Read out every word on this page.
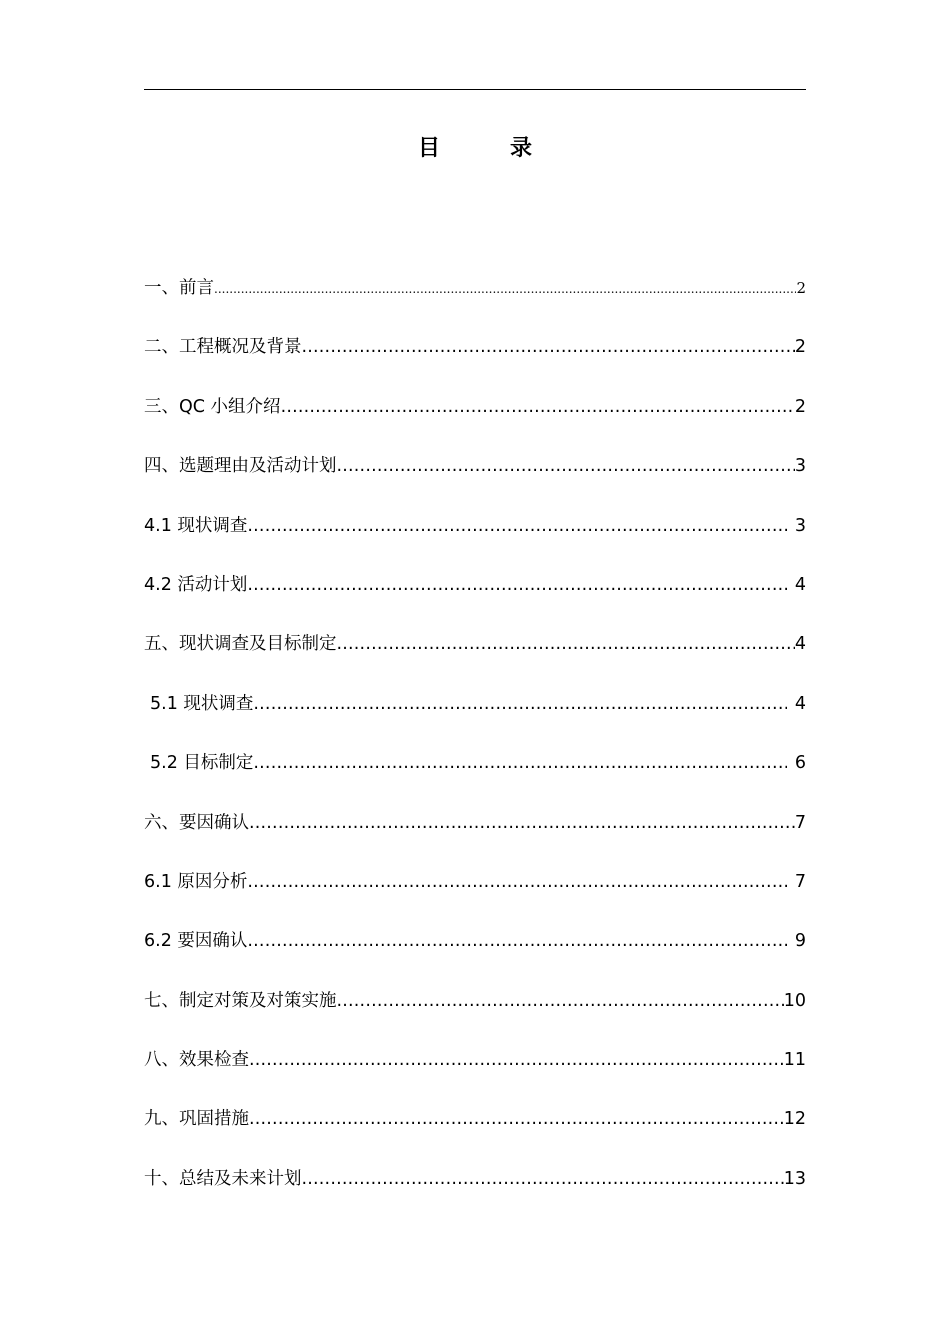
目　录
一、前言 .....	2
二、工程概况及背景 .....	2
三、QC 小组介绍 .....	2
四、选题理由及活动计划 .....	3
4.1 现状调查 .....	3
4.2 活动计划 .....	4
五、现状调查及目标制定 .....	4
5.1 现状调查 .....	4
5.2 目标制定 .....	6
六、要因确认 .....	7
6.1 原因分析 .....	7
6.2 要因确认 .....	9
七、制定对策及对策实施 .....	10
八、效果检查 .....	11
九、巩固措施 .....	12
十、总结及未来计划 .....	13
